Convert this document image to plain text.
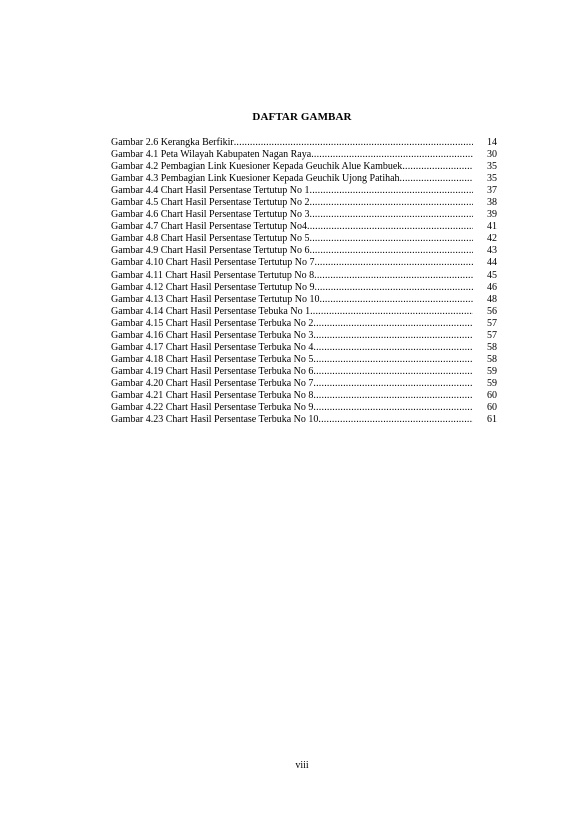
DAFTAR GAMBAR
Gambar 2.6 Kerangka Berfikir .....	14
Gambar 4.1 Peta Wilayah Kabupaten Nagan Raya .....	30
Gambar 4.2 Pembagian Link Kuesioner Kepada Geuchik Alue Kambuek .....	35
Gambar 4.3 Pembagian Link Kuesioner Kepada Geuchik Ujong Patihah .....	35
Gambar 4.4 Chart Hasil Persentase Tertutup No 1 .....	37
Gambar 4.5 Chart Hasil Persentase Tertutup No 2 .....	38
Gambar 4.6 Chart Hasil Persentase Tertutup No 3 .....	39
Gambar 4.7 Chart Hasil Persentase Tertutup No4 .....	41
Gambar 4.8 Chart Hasil Persentase Tertutup No 5 .....	42
Gambar 4.9 Chart Hasil Persentase Tertutup No 6 .....	43
Gambar 4.10 Chart Hasil Persentase Tertutup No 7 .....	44
Gambar 4.11 Chart Hasil Persentase Tertutup No 8 .....	45
Gambar 4.12 Chart Hasil Persentase Tertutup No 9 .....	46
Gambar 4.13 Chart Hasil Persentase Tertutup No 10 .....	48
Gambar 4.14 Chart Hasil Persentase Tebuka No 1 .....	56
Gambar 4.15 Chart Hasil Persentase Terbuka No 2 .....	57
Gambar 4.16 Chart Hasil Persentase Terbuka No 3 .....	57
Gambar 4.17 Chart Hasil Persentase Terbuka No 4 .....	58
Gambar 4.18 Chart Hasil Persentase Terbuka No 5 .....	58
Gambar 4.19 Chart Hasil Persentase Terbuka No 6 .....	59
Gambar 4.20 Chart Hasil Persentase Terbuka No 7 .....	59
Gambar 4.21 Chart Hasil Persentase Terbuka No 8 .....	60
Gambar 4.22 Chart Hasil Persentase Terbuka No 9 .....	60
Gambar 4.23 Chart Hasil Persentase Terbuka No 10 .....	61
viii
